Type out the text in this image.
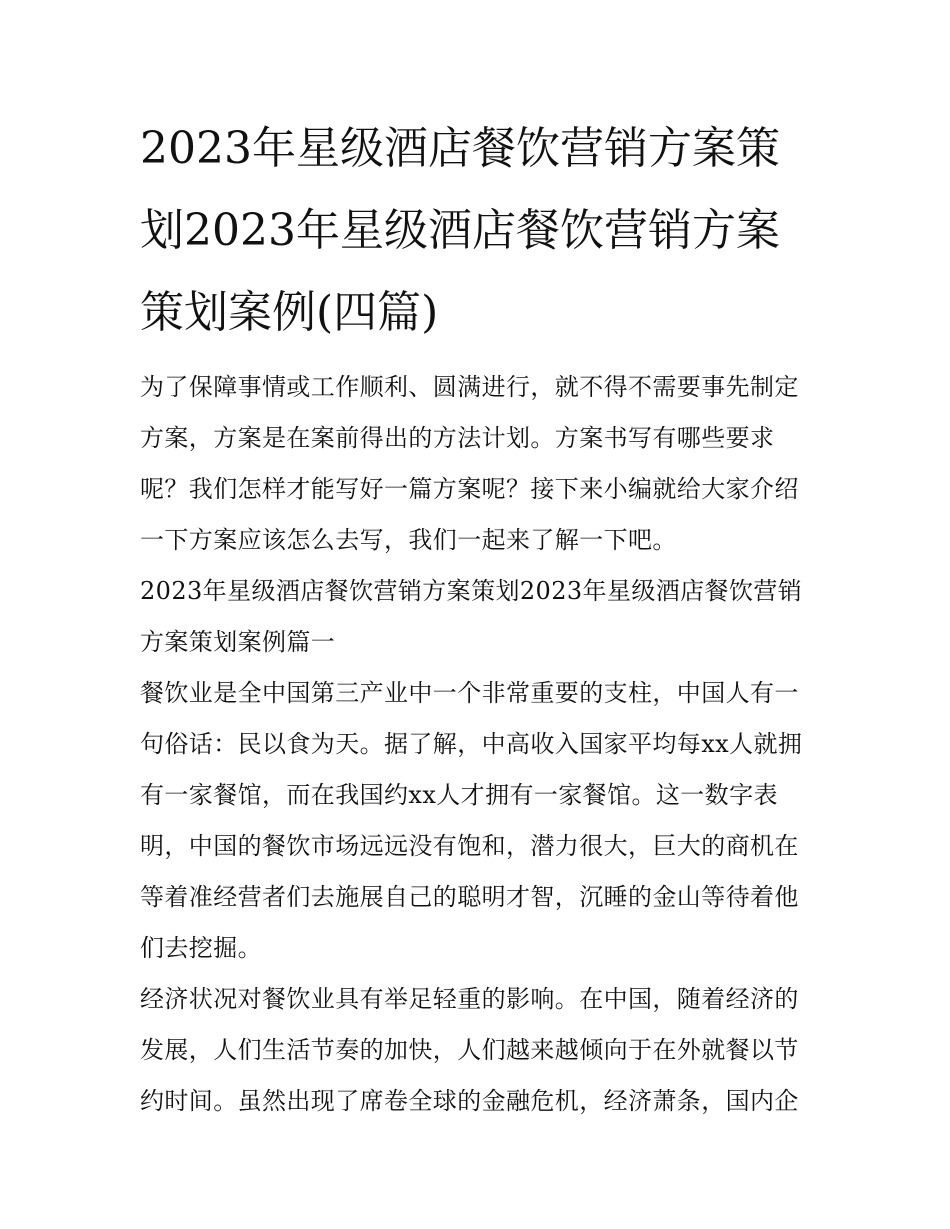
2023年星级酒店餐饮营销方案策划2023年星级酒店餐饮营销方案策划案例(四篇)

为了保障事情或工作顺利、圆满进行，就不得不需要事先制定方案，方案是在案前得出的方法计划。方案书写有哪些要求呢？我们怎样才能写好一篇方案呢？接下来小编就给大家介绍一下方案应该怎么去写，我们一起来了解一下吧。

2023年星级酒店餐饮营销方案策划2023年星级酒店餐饮营销方案策划案例篇一

餐饮业是全中国第三产业中一个非常重要的支柱，中国人有一句俗话：民以食为天。据了解，中高收入国家平均每xx人就拥有一家餐馆，而在我国约xx人才拥有一家餐馆。这一数字表明，中国的餐饮市场远远没有饱和，潜力很大，巨大的商机在等着准经营者们去施展自己的聪明才智，沉睡的金山等待着他们去挖掘。

经济状况对餐饮业具有举足轻重的影响。在中国，随着经济的发展，人们生活节奏的加快，人们越来越倾向于在外就餐以节约时间。虽然出现了席卷全球的金融危机，经济萧条，国内企
